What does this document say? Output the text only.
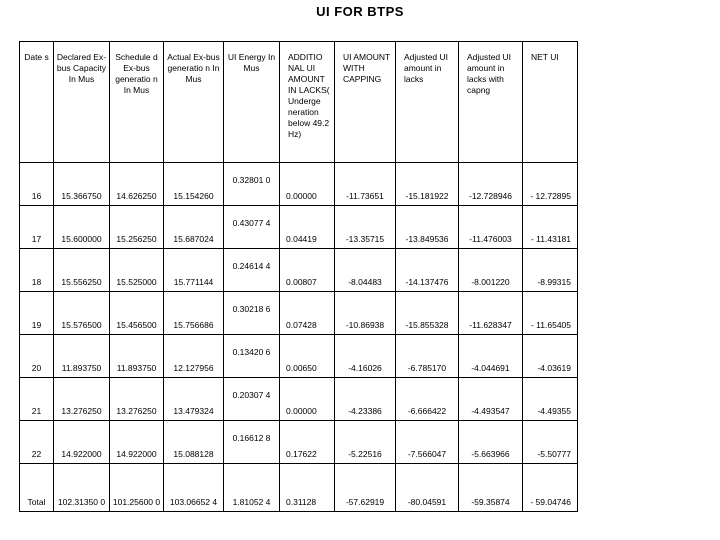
UI FOR BTPS
Date s	Declared Ex-bus Capacity In Mus	Schedule d Ex-bus generatio n In Mus	Actual Ex-bus generatio n In Mus	UI Energy In Mus	ADDITIO NAL UI AMOUNT IN LACKS( Underge neration below 49.2 Hz)	UI AMOUNT WITH CAPPING	Adjusted UI amount in lacks	Adjusted UI amount in lacks with capng	NET UI
16	15.366750	14.626250	15.154260	0.32801 0	0.00000	-11.73651	-15.181922	-12.728946	- 12.72895
17	15.600000	15.256250	15.687024	0.43077 4	0.04419	-13.35715	-13.849536	-11.476003	- 11.43181
18	15.556250	15.525000	15.771144	0.24614 4	0.00807	-8.04483	-14.137476	-8.001220	-8.99315
19	15.576500	15.456500	15.756686	0.30218 6	0.07428	-10.86938	-15.855328	-11.628347	- 11.65405
20	11.893750	11.893750	12.127956	0.13420 6	0.00650	-4.16026	-6.785170	-4.044691	-4.03619
21	13.276250	13.276250	13.479324	0.20307 4	0.00000	-4.23386	-6.666422	-4.493547	-4.49355
22	14.922000	14.922000	15.088128	0.16612 8	0.17622	-5.22516	-7.566047	-5.663966	-5.50777
Total	102.31350 0	101.25600 0	103.06652 4	1.81052 4	0.31128	-57.62919	-80.04591	-59.35874	- 59.04746
